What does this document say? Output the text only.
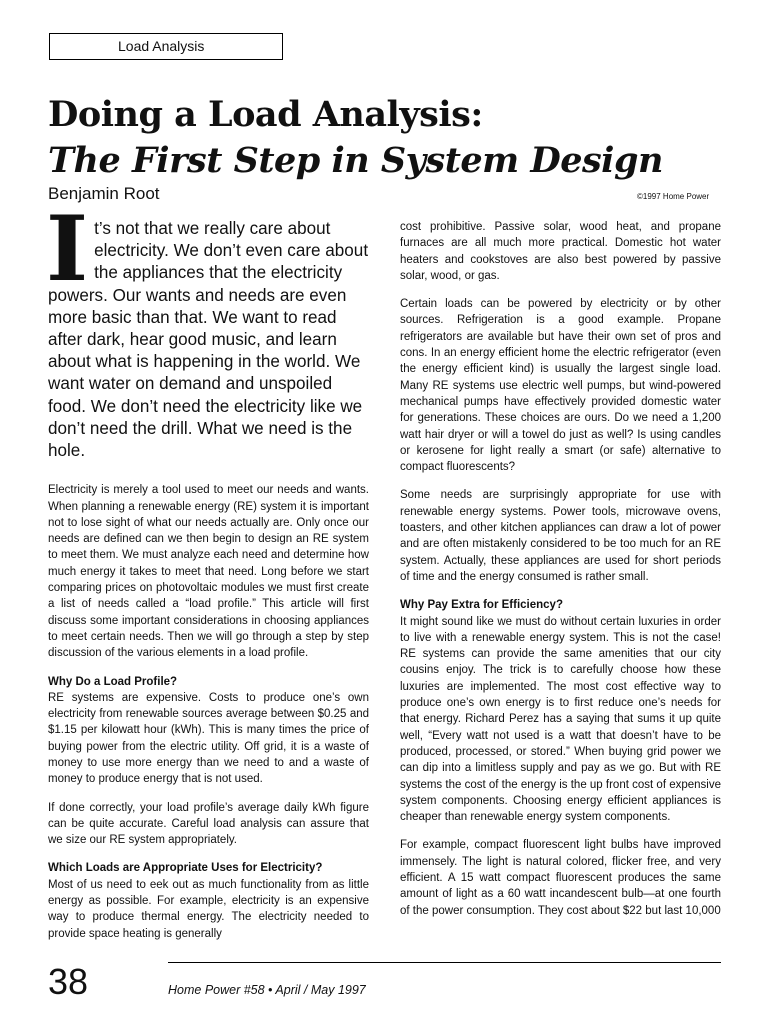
Load Analysis
Doing a Load Analysis:
The First Step in System Design
Benjamin Root	©1997 Home Power

It’s not that we really care about electricity. We don’t even care about the appliances that the electricity powers. Our wants and needs are even more basic than that. We want to read after dark, hear good music, and learn about what is happening in the world. We want water on demand and unspoiled food. We don’t need the electricity like we don’t need the drill. What we need is the hole.

Electricity is merely a tool used to meet our needs and wants. When planning a renewable energy (RE) system it is important not to lose sight of what our needs actually are. Only once our needs are defined can we then begin to design an RE system to meet them. We must analyze each need and determine how much energy it takes to meet that need. Long before we start comparing prices on photovoltaic modules we must first create a list of needs called a “load profile.” This article will first discuss some important considerations in choosing appliances to meet certain needs. Then we will go through a step by step discussion of the various elements in a load profile.

Why Do a Load Profile?

RE systems are expensive. Costs to produce one’s own electricity from renewable sources average between $0.25 and $1.15 per kilowatt hour (kWh). This is many times the price of buying power from the electric utility. Off grid, it is a waste of money to use more energy than we need to and a waste of money to produce energy that is not used.

If done correctly, your load profile’s average daily kWh figure can be quite accurate. Careful load analysis can assure that we size our RE system appropriately.

Which Loads are Appropriate Uses for Electricity?

Most of us need to eek out as much functionality from as little energy as possible. For example, electricity is an expensive way to produce thermal energy. The electricity needed to provide space heating is generally

cost prohibitive. Passive solar, wood heat, and propane furnaces are all much more practical. Domestic hot water heaters and cookstoves are also best powered by passive solar, wood, or gas.

Certain loads can be powered by electricity or by other sources. Refrigeration is a good example. Propane refrigerators are available but have their own set of pros and cons. In an energy efficient home the electric refrigerator (even the energy efficient kind) is usually the largest single load. Many RE systems use electric well pumps, but wind-powered mechanical pumps have effectively provided domestic water for generations. These choices are ours. Do we need a 1,200 watt hair dryer or will a towel do just as well? Is using candles or kerosene for light really a smart (or safe) alternative to compact fluorescents?

Some needs are surprisingly appropriate for use with renewable energy systems. Power tools, microwave ovens, toasters, and other kitchen appliances can draw a lot of power and are often mistakenly considered to be too much for an RE system. Actually, these appliances are used for short periods of time and the energy consumed is rather small.

Why Pay Extra for Efficiency?

It might sound like we must do without certain luxuries in order to live with a renewable energy system. This is not the case! RE systems can provide the same amenities that our city cousins enjoy. The trick is to carefully choose how these luxuries are implemented. The most cost effective way to produce one’s own energy is to first reduce one’s needs for that energy. Richard Perez has a saying that sums it up quite well, “Every watt not used is a watt that doesn’t have to be produced, processed, or stored.” When buying grid power we can dip into a limitless supply and pay as we go. But with RE systems the cost of the energy is the up front cost of expensive system components. Choosing energy efficient appliances is cheaper than renewable energy system components.

For example, compact fluorescent light bulbs have improved immensely. The light is natural colored, flicker free, and very efficient. A 15 watt compact fluorescent produces the same amount of light as a 60 watt incandescent bulb—at one fourth of the power consumption. They cost about $22 but last 10,000

38	Home Power #58 • April / May 1997
